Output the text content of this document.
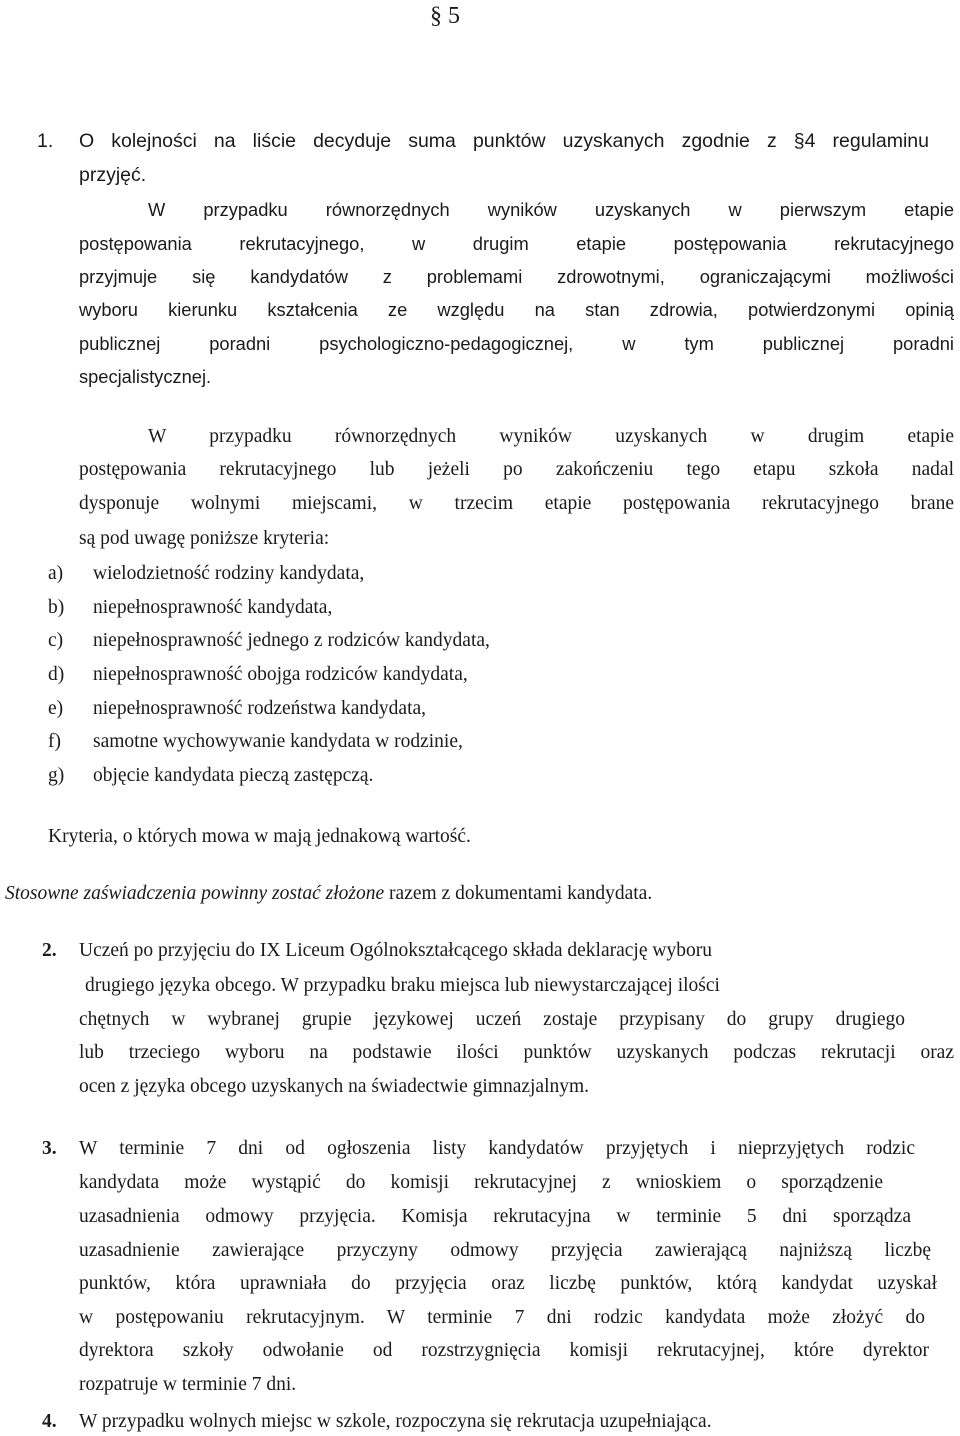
§ 5
1. O kolejności na liście decyduje suma punktów uzyskanych zgodnie z §4 regulaminu
przyjęć.
W przypadku równorzędnych wyników uzyskanych w pierwszym etapie
postępowania rekrutacyjnego, w drugim etapie postępowania rekrutacyjnego
przyjmuje się kandydatów z problemami zdrowotnymi, ograniczającymi możliwości
wyboru kierunku kształcenia ze względu na stan zdrowia, potwierdzonymi opinią
publicznej poradni psychologiczno-pedagogicznej, w tym publicznej poradni
specjalistycznej.
W przypadku równorzędnych wyników uzyskanych w drugim etapie
postępowania rekrutacyjnego lub jeżeli po zakończeniu tego etapu szkoła nadal
dysponuje wolnymi miejscami, w trzecim etapie postępowania rekrutacyjnego brane
są pod uwagę poniższe kryteria:
a) wielodzietność rodziny kandydata,
b) niepełnosprawność kandydata,
c) niepełnosprawność jednego z rodziców kandydata,
d) niepełnosprawność obojga rodziców kandydata,
e) niepełnosprawność rodzeństwa kandydata,
f) samotne wychowywanie kandydata w rodzinie,
g) objęcie kandydata pieczą zastępczą.
Kryteria, o których mowa w mają jednakową wartość.
Stosowne zaświadczenia powinny zostać złożone razem z dokumentami kandydata.
2. Uczeń po przyjęciu do IX Liceum Ogólnokształcącego składa deklarację wyboru
drugiego języka obcego. W przypadku braku miejsca lub niewystarczającej ilości
chętnych w wybranej grupie językowej uczeń zostaje przypisany do grupy drugiego
lub trzeciego wyboru na podstawie ilości punktów uzyskanych podczas rekrutacji oraz
ocen z języka obcego uzyskanych na świadectwie gimnazjalnym.
3. W terminie 7 dni od ogłoszenia listy kandydatów przyjętych i nieprzyjętych rodzic
kandydata może wystąpić do komisji rekrutacyjnej z wnioskiem o sporządzenie
uzasadnienia odmowy przyjęcia. Komisja rekrutacyjna w terminie 5 dni sporządza
uzasadnienie zawierające przyczyny odmowy przyjęcia zawierającą najniższą liczbę
punktów, która uprawniała do przyjęcia oraz liczbę punktów, którą kandydat uzyskał
w postępowaniu rekrutacyjnym. W terminie 7 dni rodzic kandydata może złożyć do
dyrektora szkoły odwołanie od rozstrzygnięcia komisji rekrutacyjnej, które dyrektor
rozpatruje w terminie 7 dni.
4. W przypadku wolnych miejsc w szkole, rozpoczyna się rekrutacja uzupełniająca.
